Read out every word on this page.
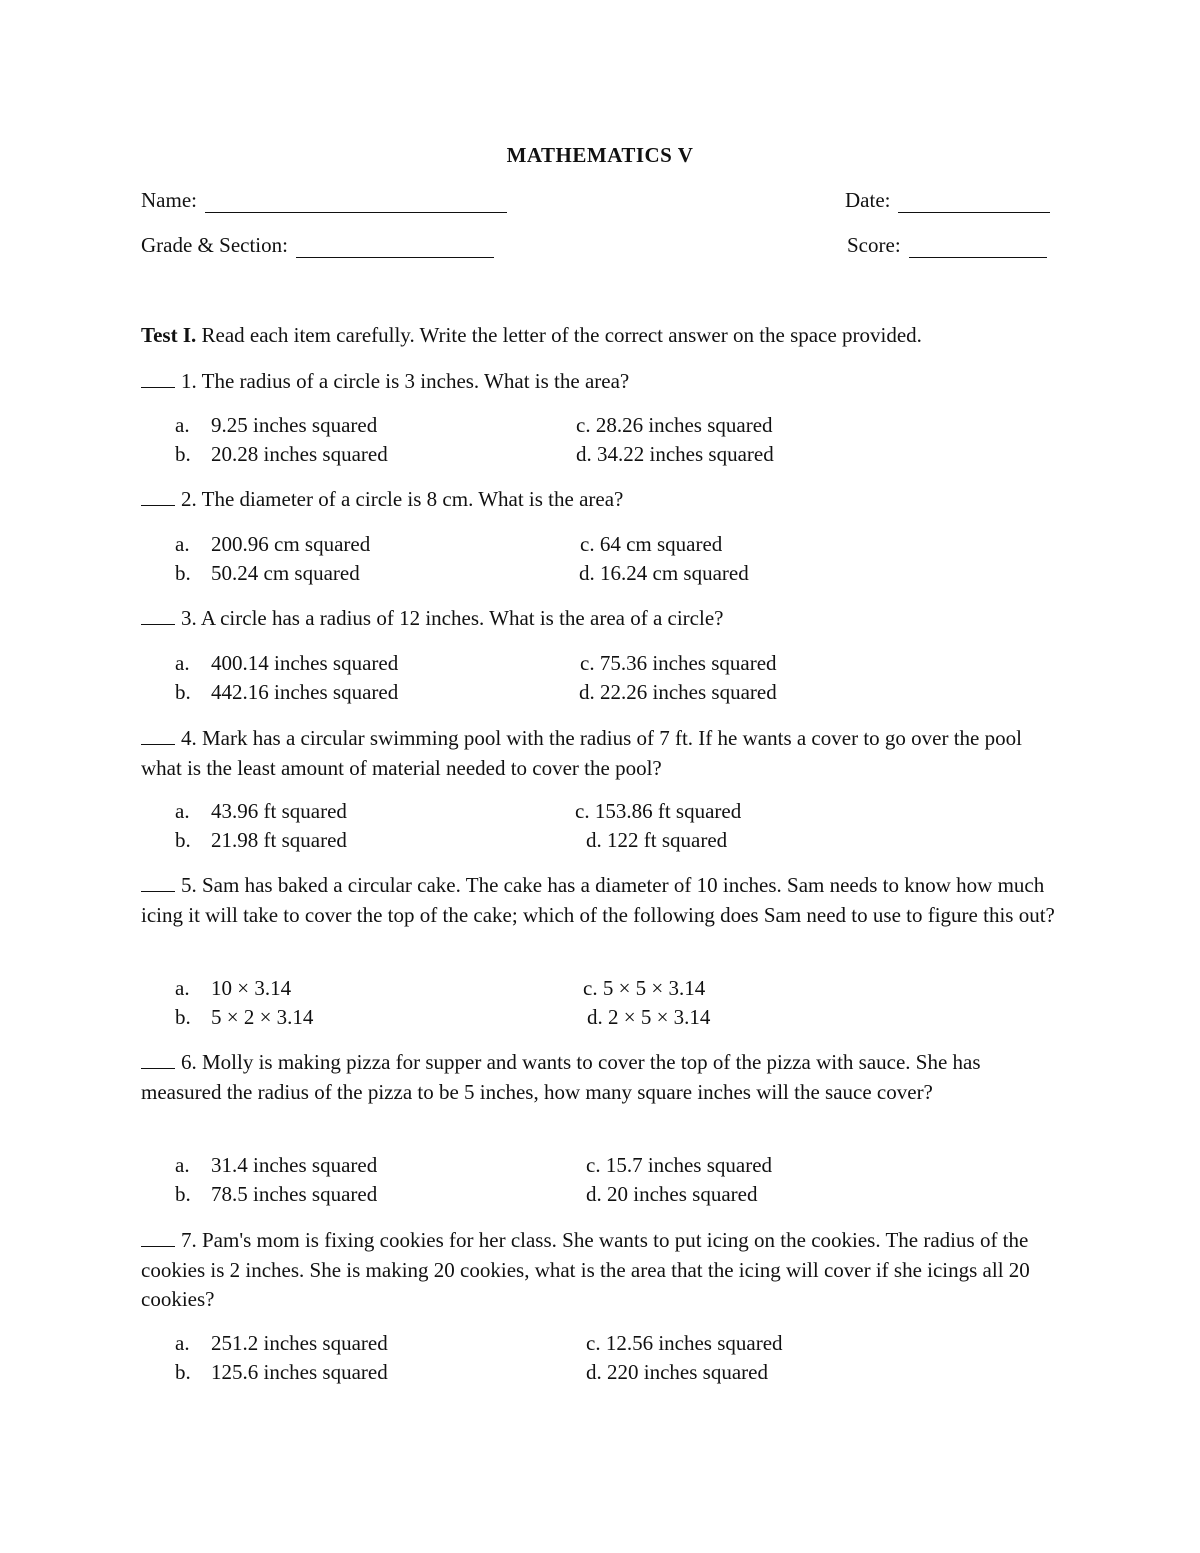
MATHEMATICS V
Name:	Date:
Grade & Section:	Score:
Test I. Read each item carefully. Write the letter of the correct answer on the space provided.
1. The radius of a circle is 3 inches. What is the area?
a. 9.25 inches squared
b. 20.28 inches squared
c. 28.26 inches squared
d. 34.22 inches squared
2. The diameter of a circle is 8 cm. What is the area?
a. 200.96 cm squared
b. 50.24 cm squared
c. 64 cm squared
d. 16.24 cm squared
3. A circle has a radius of 12 inches. What is the area of a circle?
a. 400.14 inches squared
b. 442.16 inches squared
c. 75.36 inches squared
d. 22.26 inches squared
4. Mark has a circular swimming pool with the radius of 7 ft. If he wants a cover to go over the pool what is the least amount of material needed to cover the pool?
a. 43.96 ft squared
b. 21.98 ft squared
c. 153.86 ft squared
d. 122 ft squared
5. Sam has baked a circular cake. The cake has a diameter of 10 inches. Sam needs to know how much icing it will take to cover the top of the cake; which of the following does Sam need to use to figure this out?
a. 10 × 3.14
b. 5 × 2 × 3.14
c. 5 × 5 × 3.14
d. 2 × 5 × 3.14
6. Molly is making pizza for supper and wants to cover the top of the pizza with sauce. She has measured the radius of the pizza to be 5 inches, how many square inches will the sauce cover?
a. 31.4 inches squared
b. 78.5 inches squared
c. 15.7 inches squared
d. 20 inches squared
7. Pam's mom is fixing cookies for her class. She wants to put icing on the cookies. The radius of the cookies is 2 inches. She is making 20 cookies, what is the area that the icing will cover if she icings all 20 cookies?
a. 251.2 inches squared
b. 125.6 inches squared
c. 12.56 inches squared
d. 220 inches squared
